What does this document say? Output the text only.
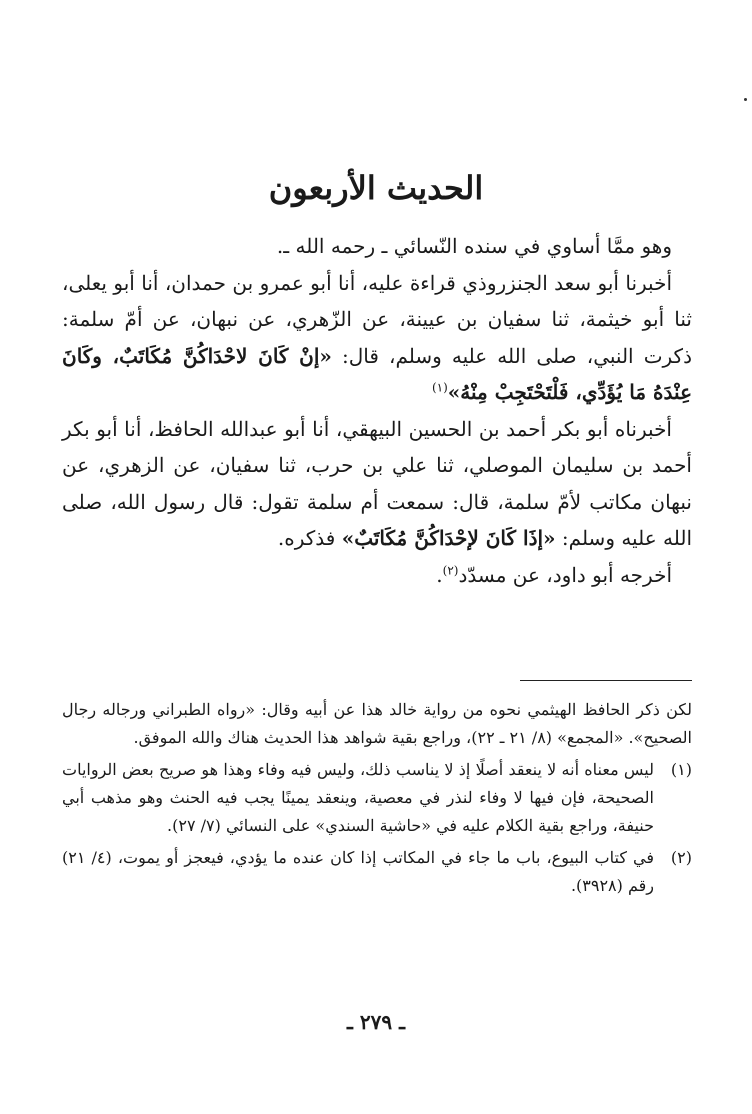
الحديث الأربعون

وهو ممَّا أساوي في سنده النّسائي ـ رحمه الله ـ.

أخبرنا أبو سعد الجنزروذي قراءة عليه، أنا أبو عمرو بن حمدان، أنا أبو يعلى، ثنا أبو خيثمة، ثنا سفيان بن عيينة، عن الزّهري، عن نبهان، عن أمّ سلمة: ذكرت النبي، صلى الله عليه وسلم، قال: «إنْ كَانَ لاحْدَاكُنَّ مُكَاتَبٌ، وكَانَ عِنْدَهُ مَا يُؤَدِّي، فَلْتَحْتَجِبْ مِنْهُ»$^{(١)}$

أخبرناه أبو بكر أحمد بن الحسين البيهقي، أنا أبو عبدالله الحافظ، أنا أبو بكر أحمد بن سليمان الموصلي، ثنا علي بن حرب، ثنا سفيان، عن الزهري، عن نبهان مكاتب لأمّ سلمة، قال: سمعت أم سلمة تقول: قال رسول الله، صلى الله عليه وسلم: «إذَا كَانَ لإحْدَاكُنَّ مُكَاتَبٌ» فذكره.

أخرجه أبو داود، عن مسدّد$^{(٢)}$.

لكن ذكر الحافظ الهيثمي نحوه من رواية خالد هذا عن أبيه وقال: «رواه الطبراني ورجاله رجال الصحيح». «المجمع» (٨/ ٢١ ـ ٢٢)، وراجع بقية شواهد هذا الحديث هناك والله الموفق.

(١)
ليس معناه أنه لا ينعقد أصلًا إذ لا يناسب ذلك، وليس فيه وفاء وهذا هو صريح بعض الروايات الصحيحة، فإن فيها لا وفاء لنذر في معصية، وينعقد يمينًا يجب فيه الحنث وهو مذهب أبي حنيفة، وراجع بقية الكلام عليه في «حاشية السندي» على النسائي (٧/ ٢٧).
(٢)
في كتاب البيوع، باب ما جاء في المكاتب إذا كان عنده ما يؤدي، فيعجز أو يموت، (٤/ ٢١) رقم (٣٩٢٨).
ـ ٢٧٩ ـ
